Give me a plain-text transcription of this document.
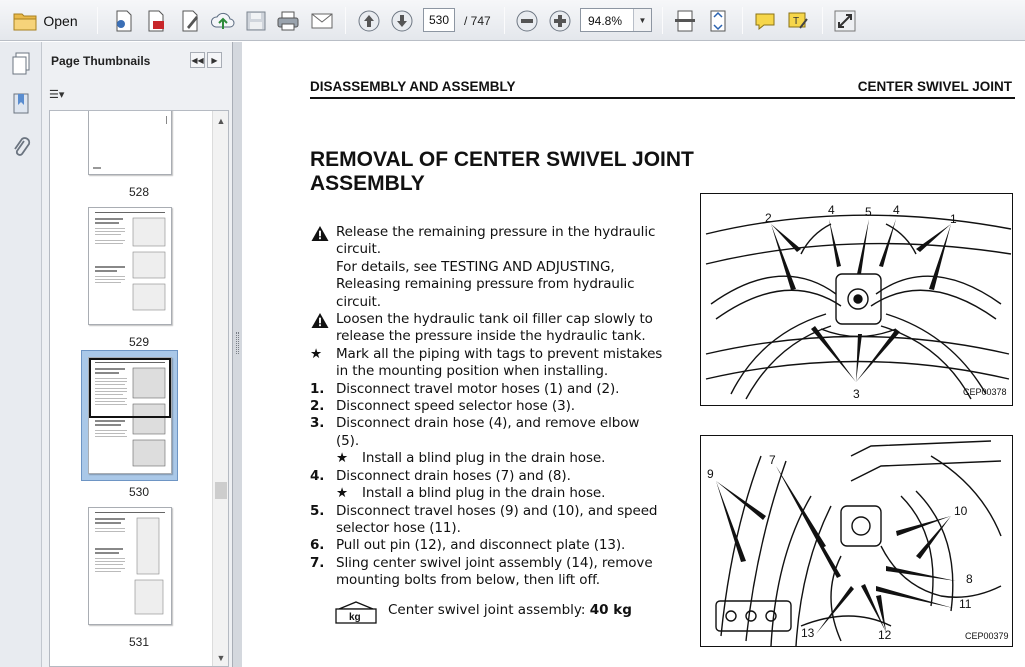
Open	530	/ 747	94.8%	▼	T
Page Thumbnails	◀◀ ▶
☰▾
528
529
530
531
▲
▼
DISASSEMBLY AND ASSEMBLY	CENTER SWIVEL JOINT
REMOVAL OF CENTER SWIVEL JOINT ASSEMBLY
Release the remaining pressure in the hydraulic circuit.
For details, see TESTING AND ADJUSTING, Releasing remaining pressure from hydraulic circuit.
Loosen the hydraulic tank oil filler cap slowly to release the pressure inside the hydraulic tank.
★	Mark all the piping with tags to prevent mistakes in the mounting position when installing.
1. Disconnect travel motor hoses (1) and (2).
2. Disconnect speed selector hose (3).
3. Disconnect drain hose (4), and remove elbow (5).
★	Install a blind plug in the drain hose.
4. Disconnect drain hoses (7) and (8).
★	Install a blind plug in the drain hose.
5. Disconnect travel hoses (9) and (10), and speed selector hose (11).
6. Pull out pin (12), and disconnect plate (13).
7. Sling center swivel joint assembly (14), remove mounting bolts from below, then lift off.
kg Center swivel joint assembly: 40 kg
2
4	5 4
1
3	CEP00378
9
7
10
8
11
13	12	CEP00379
